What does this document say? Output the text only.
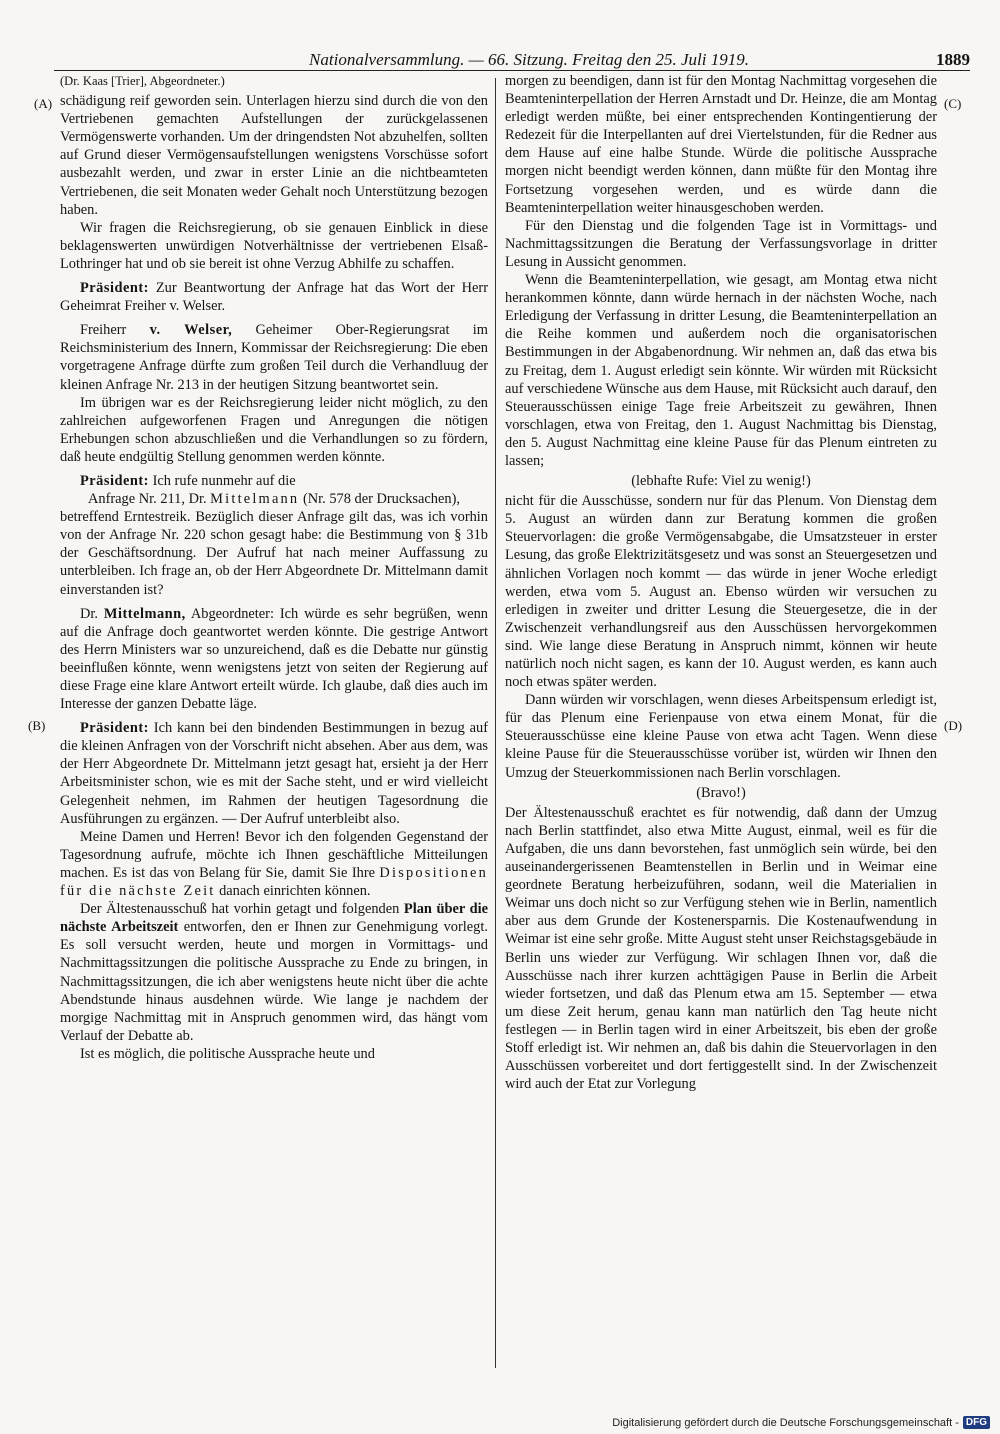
Nationalversammlung. — 66. Sitzung. Freitag den 25. Juli 1919.	1889
(A)
(B)
(C)
(D)

(Dr. Kaas [Trier], Abgeordneter.)

schädigung reif geworden sein. Unterlagen hierzu sind durch die von den Vertriebenen gemachten Aufstellungen der zurückgelassenen Vermögenswerte vorhanden. Um der dringendsten Not abzuhelfen, sollten auf Grund dieser Vermögensaufstellungen wenigstens Vorschüsse sofort ausbezahlt werden, und zwar in erster Linie an die nichtbeamteten Vertriebenen, die seit Monaten weder Gehalt noch Unterstützung bezogen haben.

Wir fragen die Reichsregierung, ob sie genauen Einblick in diese beklagenswerten unwürdigen Notverhältnisse der vertriebenen Elsaß-Lothringer hat und ob sie bereit ist ohne Verzug Abhilfe zu schaffen.

Präsident: Zur Beantwortung der Anfrage hat das Wort der Herr Geheimrat Freiher v. Welser.

Freiherr v. Welser, Geheimer Ober-Regierungsrat im Reichsministerium des Innern, Kommissar der Reichsregierung: Die eben vorgetragene Anfrage dürfte zum großen Teil durch die Verhandluug der kleinen Anfrage Nr. 213 in der heutigen Sitzung beantwortet sein.

Im übrigen war es der Reichsregierung leider nicht möglich, zu den zahlreichen aufgeworfenen Fragen und Anregungen die nötigen Erhebungen schon abzuschließen und die Verhandlungen so zu fördern, daß heute endgültig Stellung genommen werden könnte.

Präsident: Ich rufe nunmehr auf die

Anfrage Nr. 211, Dr. Mittelmann (Nr. 578 der Drucksachen),

betreffend Erntestreik. Bezüglich dieser Anfrage gilt das, was ich vorhin von der Anfrage Nr. 220 schon gesagt habe: die Bestimmung von § 31b der Geschäftsordnung. Der Aufruf hat nach meiner Auffassung zu unterbleiben. Ich frage an, ob der Herr Abgeordnete Dr. Mittelmann damit einverstanden ist?

Dr. Mittelmann, Abgeordneter: Ich würde es sehr begrüßen, wenn auf die Anfrage doch geantwortet werden könnte. Die gestrige Antwort des Herrn Ministers war so unzureichend, daß es die Debatte nur günstig beeinflußen könnte, wenn wenigstens jetzt von seiten der Regierung auf diese Frage eine klare Antwort erteilt würde. Ich glaube, daß dies auch im Interesse der ganzen Debatte läge.

Präsident: Ich kann bei den bindenden Bestimmungen in bezug auf die kleinen Anfragen von der Vorschrift nicht absehen. Aber aus dem, was der Herr Abgeordnete Dr. Mittelmann jetzt gesagt hat, ersieht ja der Herr Arbeitsminister schon, wie es mit der Sache steht, und er wird vielleicht Gelegenheit nehmen, im Rahmen der heutigen Tagesordnung die Ausführungen zu ergänzen. — Der Aufruf unterbleibt also.

Meine Damen und Herren! Bevor ich den folgenden Gegenstand der Tagesordnung aufrufe, möchte ich Ihnen geschäftliche Mitteilungen machen. Es ist das von Belang für Sie, damit Sie Ihre Dispositionen für die nächste Zeit danach einrichten können.

Der Ältestenausschuß hat vorhin getagt und folgenden Plan über die nächste Arbeitszeit entworfen, den er Ihnen zur Genehmigung vorlegt. Es soll versucht werden, heute und morgen in Vormittags- und Nachmittagssitzungen die politische Aussprache zu Ende zu bringen, in Nachmittagssitzungen, die ich aber wenigstens heute nicht über die achte Abendstunde hinaus ausdehnen würde. Wie lange je nachdem der morgige Nachmittag mit in Anspruch genommen wird, das hängt vom Verlauf der Debatte ab.

Ist es möglich, die politische Aussprache heute und

morgen zu beendigen, dann ist für den Montag Nachmittag vorgesehen die Beamteninterpellation der Herren Arnstadt und Dr. Heinze, die am Montag erledigt werden müßte, bei einer entsprechenden Kontingentierung der Redezeit für die Interpellanten auf drei Viertelstunden, für die Redner aus dem Hause auf eine halbe Stunde. Würde die politische Aussprache morgen nicht beendigt werden können, dann müßte für den Montag ihre Fortsetzung vorgesehen werden, und es würde dann die Beamteninterpellation weiter hinausgeschoben werden.

Für den Dienstag und die folgenden Tage ist in Vormittags- und Nachmittagssitzungen die Beratung der Verfassungsvorlage in dritter Lesung in Aussicht genommen.

Wenn die Beamteninterpellation, wie gesagt, am Montag etwa nicht herankommen könnte, dann würde hernach in der nächsten Woche, nach Erledigung der Verfassung in dritter Lesung, die Beamteninterpellation an die Reihe kommen und außerdem noch die organisatorischen Bestimmungen in der Abgabenordnung. Wir nehmen an, daß das etwa bis zu Freitag, dem 1. August erledigt sein könnte. Wir würden mit Rücksicht auf verschiedene Wünsche aus dem Hause, mit Rücksicht auch darauf, den Steuerausschüssen einige Tage freie Arbeitszeit zu gewähren, Ihnen vorschlagen, etwa von Freitag, den 1. August Nachmittag bis Dienstag, den 5. August Nachmittag eine kleine Pause für das Plenum eintreten zu lassen;

(lebhafte Rufe: Viel zu wenig!)

nicht für die Ausschüsse, sondern nur für das Plenum. Von Dienstag dem 5. August an würden dann zur Beratung kommen die großen Steuervorlagen: die große Vermögensabgabe, die Umsatzsteuer in erster Lesung, das große Elektrizitätsgesetz und was sonst an Steuergesetzen und ähnlichen Vorlagen noch kommt — das würde in jener Woche erledigt werden, etwa vom 5. August an. Ebenso würden wir versuchen zu erledigen in zweiter und dritter Lesung die Steuergesetze, die in der Zwischenzeit verhandlungsreif aus den Ausschüssen hervorgekommen sind. Wie lange diese Beratung in Anspruch nimmt, können wir heute natürlich noch nicht sagen, es kann der 10. August werden, es kann auch noch etwas später werden.

Dann würden wir vorschlagen, wenn dieses Arbeitspensum erledigt ist, für das Plenum eine Ferienpause von etwa einem Monat, für die Steuerausschüsse eine kleine Pause von etwa acht Tagen. Wenn diese kleine Pause für die Steuerausschüsse vorüber ist, würden wir Ihnen den Umzug der Steuerkommissionen nach Berlin vorschlagen.

(Bravo!)

Der Ältestenausschuß erachtet es für notwendig, daß dann der Umzug nach Berlin stattfindet, also etwa Mitte August, einmal, weil es für die Aufgaben, die uns dann bevorstehen, fast unmöglich sein würde, bei den auseinandergerissenen Beamtenstellen in Berlin und in Weimar eine geordnete Beratung herbeizuführen, sodann, weil die Materialien in Weimar uns doch nicht so zur Verfügung stehen wie in Berlin, namentlich aber aus dem Grunde der Kostenersparnis. Die Kostenaufwendung in Weimar ist eine sehr große. Mitte August steht unser Reichstagsgebäude in Berlin uns wieder zur Verfügung. Wir schlagen Ihnen vor, daß die Ausschüsse nach ihrer kurzen achttägigen Pause in Berlin die Arbeit wieder fortsetzen, und daß das Plenum etwa am 15. September — etwa um diese Zeit herum, genau kann man natürlich den Tag heute nicht festlegen — in Berlin tagen wird in einer Arbeitszeit, bis eben der große Stoff erledigt ist. Wir nehmen an, daß bis dahin die Steuervorlagen in den Ausschüssen vorbereitet und dort fertiggestellt sind. In der Zwischenzeit wird auch der Etat zur Vorlegung

Digitalisierung gefördert durch die Deutsche Forschungsgemeinschaft - DFG
